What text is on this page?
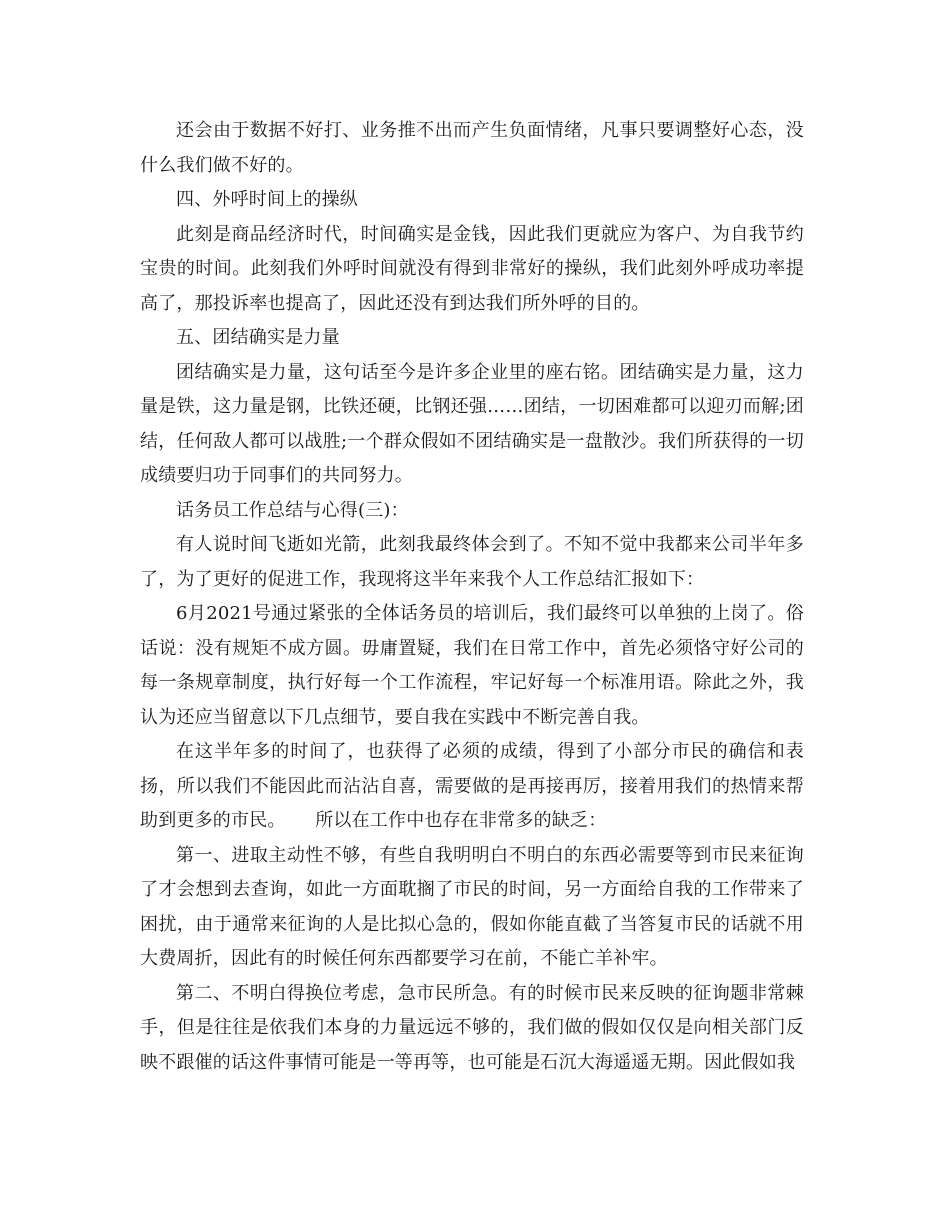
还会由于数据不好打、业务推不出而产生负面情绪，凡事只要调整好心态，没什么我们做不好的。

四、外呼时间上的操纵

此刻是商品经济时代，时间确实是金钱，因此我们更就应为客户、为自我节约宝贵的时间。此刻我们外呼时间就没有得到非常好的操纵，我们此刻外呼成功率提高了，那投诉率也提高了，因此还没有到达我们所外呼的目的。

五、团结确实是力量

团结确实是力量，这句话至今是许多企业里的座右铭。团结确实是力量，这力量是铁，这力量是钢，比铁还硬，比钢还强……团结，一切困难都可以迎刃而解;团结，任何敌人都可以战胜;一个群众假如不团结确实是一盘散沙。我们所获得的一切成绩要归功于同事们的共同努力。

话务员工作总结与心得(三)：

有人说时间飞逝如光箭，此刻我最终体会到了。不知不觉中我都来公司半年多了，为了更好的促进工作，我现将这半年来我个人工作总结汇报如下：

6月2021号通过紧张的全体话务员的培训后，我们最终可以单独的上岗了。俗话说：没有规矩不成方圆。毋庸置疑，我们在日常工作中，首先必须恪守好公司的每一条规章制度，执行好每一个工作流程，牢记好每一个标准用语。除此之外，我认为还应当留意以下几点细节，要自我在实践中不断完善自我。

在这半年多的时间了，也获得了必须的成绩，得到了小部分市民的确信和表扬，所以我们不能因此而沾沾自喜，需要做的是再接再厉，接着用我们的热情来帮助到更多的市民。     所以在工作中也存在非常多的缺乏：

第一、进取主动性不够，有些自我明明白不明白的东西必需要等到市民来征询了才会想到去查询，如此一方面耽搁了市民的时间，另一方面给自我的工作带来了困扰，由于通常来征询的人是比拟心急的，假如你能直截了当答复市民的话就不用大费周折，因此有的时候任何东西都要学习在前，不能亡羊补牢。

第二、不明白得换位考虑，急市民所急。有的时候市民来反映的征询题非常棘手，但是往往是依我们本身的力量远远不够的，我们做的假如仅仅是向相关部门反映不跟催的话这件事情可能是一等再等，也可能是石沉大海遥遥无期。因此假如我
